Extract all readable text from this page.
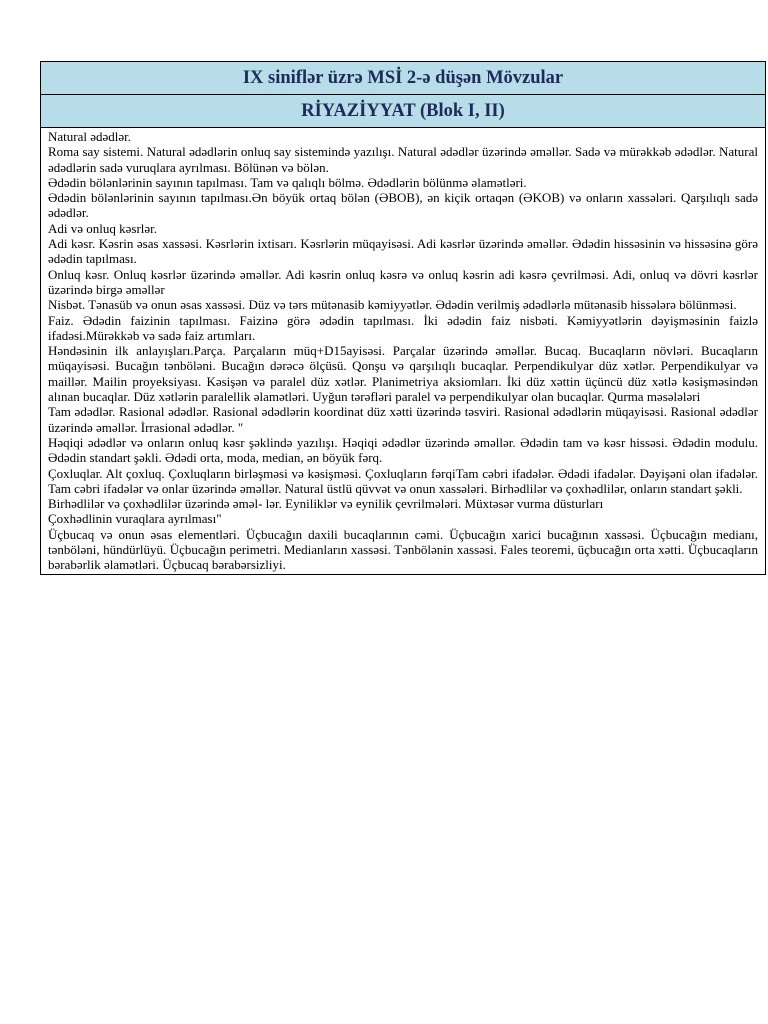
IX siniflər üzrə MSİ 2-ə düşən Mövzular
RİYAZİYYAT (Blok I, II)

Natural ədədlər.

Roma say sistemi. Natural ədədlərin onluq say sistemində yazılışı. Natural ədədlər üzərində əməllər. Sadə və mürəkkəb ədədlər. Natural ədədlərin sadə vuruqlara ayrılması. Bölünən və bölən.

Ədədin bölənlərinin sayının tapılması. Tam və qalıqlı bölmə. Ədədlərin bölünmə əlamətləri.

Ədədin bölənlərinin sayının tapılması.Ən böyük ortaq bölən (ƏBOB), ən kiçik ortaqən (ƏKOB) və onların xassələri. Qarşılıqlı sadə ədədlər.

Adi və onluq kəsrlər.

Adi kəsr. Kəsrin əsas xassəsi. Kəsrlərin ixtisarı. Kəsrlərin müqayisəsi. Adi kəsrlər üzərində əməllər. Ədədin hissəsinin və hissəsinə görə ədədin tapılması.

Onluq kəsr. Onluq kəsrlər üzərində əməllər. Adi kəsrin onluq kəsrə və onluq kəsrin adi kəsrə çevrilməsi. Adi, onluq və dövri kəsrlər üzərində birgə əməllər

Nisbət. Tənasüb və onun əsas xassəsi. Düz və tərs mütənasib kəmiyyətlər. Ədədin verilmiş ədədlərlə mütənasib hissələrə bölünməsi.

Faiz. Ədədin faizinin tapılması. Faizinə görə ədədin tapılması. İki ədədin faiz nisbəti. Kəmiyyətlərin dəyişməsinin faizlə ifadəsi.Mürəkkəb və sadə faiz artımları.

Həndəsinin ilk anlayışları.Parça. Parçaların müq+D15ayisəsi. Parçalar üzərində əməllər. Bucaq. Bucaqların növləri. Bucaqların müqayisəsi. Bucağın tənböləni. Bucağın dərəcə ölçüsü. Qonşu və qarşılıqlı bucaqlar. Perpendikulyar düz xətlər. Perpendikulyar və maillər. Mailin proyeksiyası. Kəsişən və paralel düz xətlər. Planimetriya aksiomları. İki düz xəttin üçüncü düz xətlə kəsişməsindən alınan bucaqlar. Düz xətlərin paralellik əlamətləri. Uyğun tərəfləri paralel və perpendikulyar olan bucaqlar. Qurma məsələləri

Tam ədədlər. Rasional ədədlər. Rasional ədədlərin koordinat düz xətti üzərində təsviri. Rasional ədədlərin müqayisəsi. Rasional ədədlər üzərində əməllər. İrrasional ədədlər. "

Həqiqi ədədlər və onların onluq kəsr şəklində yazılışı. Həqiqi ədədlər üzərində əməllər. Ədədin tam və kəsr hissəsi. Ədədin modulu. Ədədin standart şəkli. Ədədi orta, moda, median, ən böyük fərq.

Çoxluqlar. Alt çoxluq. Çoxluqların birləşməsi və kəsişməsi. Çoxluqların fərqiTam cəbri ifadələr. Ədədi ifadələr. Dəyişəni olan ifadələr. Tam cəbri ifadələr və onlar üzərində əməllər. Natural üstlü qüvvət və onun xassələri. Birhədlilər və çoxhədlilər, onların standart şəkli.

Birhədlilər və çoxhədlilər üzərində əməl- lər. Eyniliklər və eynilik çevrilmələri. Müxtəsər vurma düsturları

Çoxhədlinin vuraqlara ayrılması"

Üçbucaq və onun əsas elementləri. Üçbucağın daxili bucaqlarının cəmi. Üçbucağın xarici bucağının xassəsi. Üçbucağın medianı, tənböləni, hündürlüyü. Üçbucağın perimetri. Medianların xassəsi. Tənbölənin xassəsi. Fales teoremi, üçbucağın orta xətti. Üçbucaqların bərabərlik əlamətləri. Üçbucaq bərabərsizliyi.
